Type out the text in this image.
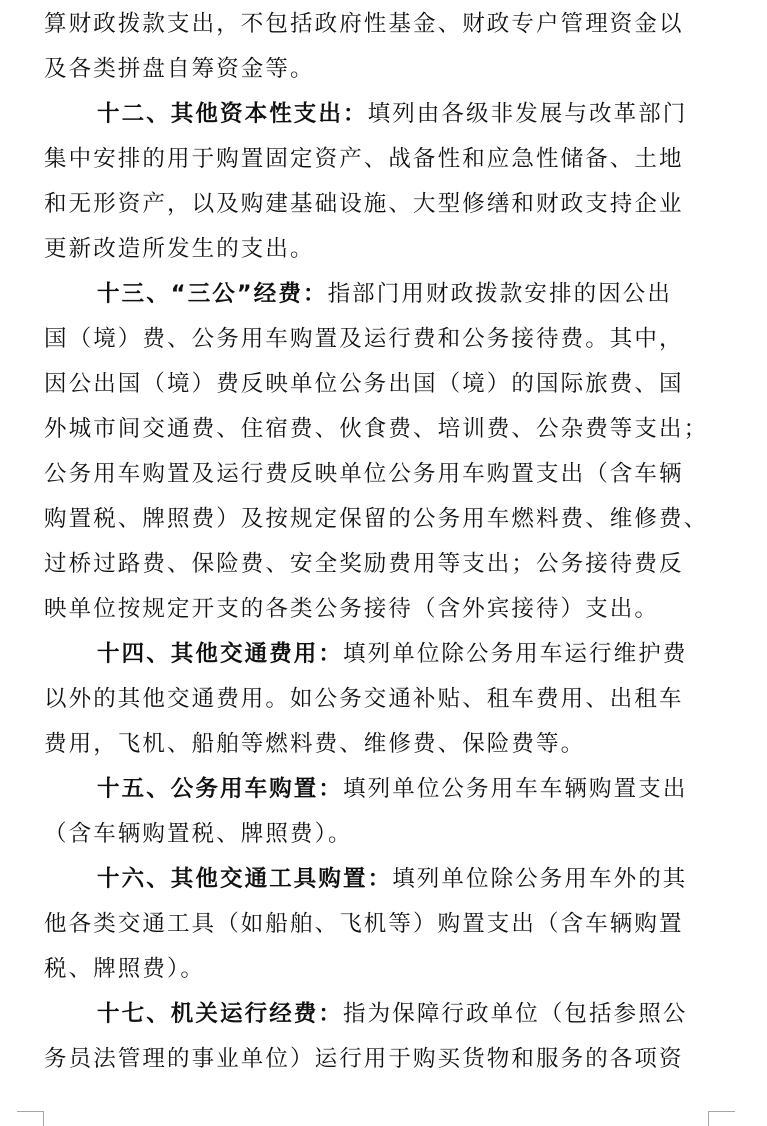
算财政拨款支出，不包括政府性基金、财政专户管理资金以
及各类拼盘自筹资金等。
十二、其他资本性支出：填列由各级非发展与改革部门
集中安排的用于购置固定资产、战备性和应急性储备、土地
和无形资产，以及购建基础设施、大型修缮和财政支持企业
更新改造所发生的支出。
十三、“三公”经费：指部门用财政拨款安排的因公出
国（境）费、公务用车购置及运行费和公务接待费。其中，
因公出国（境）费反映单位公务出国（境）的国际旅费、国
外城市间交通费、住宿费、伙食费、培训费、公杂费等支出；
公务用车购置及运行费反映单位公务用车购置支出（含车辆
购置税、牌照费）及按规定保留的公务用车燃料费、维修费、
过桥过路费、保险费、安全奖励费用等支出；公务接待费反
映单位按规定开支的各类公务接待（含外宾接待）支出。
十四、其他交通费用：填列单位除公务用车运行维护费
以外的其他交通费用。如公务交通补贴、租车费用、出租车
费用，飞机、船舶等燃料费、维修费、保险费等。
十五、公务用车购置：填列单位公务用车车辆购置支出
（含车辆购置税、牌照费）。
十六、其他交通工具购置：填列单位除公务用车外的其
他各类交通工具（如船舶、飞机等）购置支出（含车辆购置
税、牌照费）。
十七、机关运行经费：指为保障行政单位（包括参照公
务员法管理的事业单位）运行用于购买货物和服务的各项资
